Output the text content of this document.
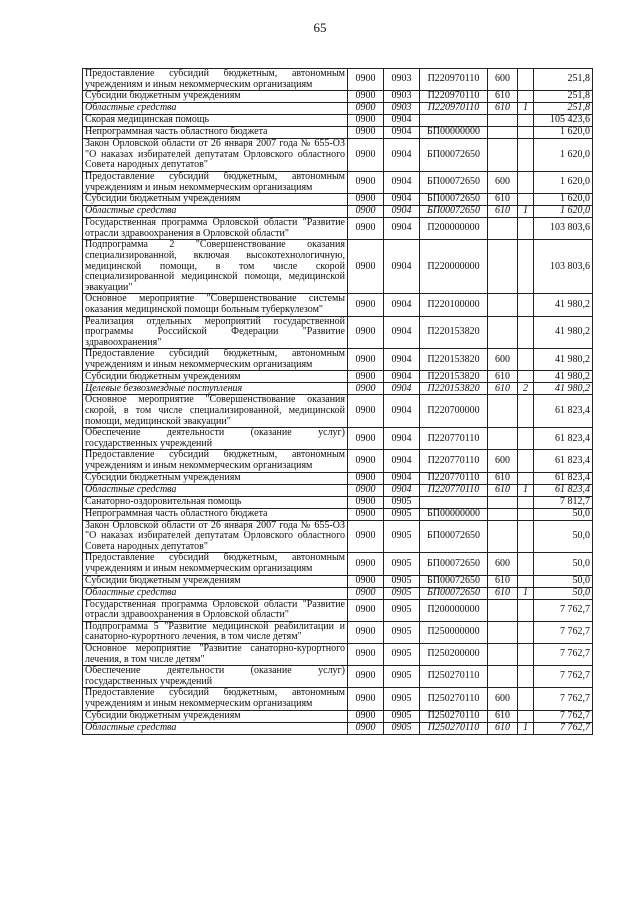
65
Предоставление субсидий бюджетным, автономным учреждениям и иным некоммерческим организациям	0900	0903	П220970110	600		251,8
Субсидии бюджетным учреждениям	0900	0903	П220970110	610		251,8
Областные средства	0900	0903	П220970110	610	1	251,8
Скорая медицинская помощь	0900	0904				105 423,6
Непрограммная часть областного бюджета	0900	0904	БП00000000			1 620,0
Закон Орловской области от 26 января 2007 года № 655-ОЗ "О наказах избирателей депутатам Орловского областного Совета народных депутатов"	0900	0904	БП00072650			1 620,0
Предоставление субсидий бюджетным, автономным учреждениям и иным некоммерческим организациям	0900	0904	БП00072650	600		1 620,0
Субсидии бюджетным учреждениям	0900	0904	БП00072650	610		1 620,0
Областные средства	0900	0904	БП00072650	610	1	1 620,0
Государственная программа Орловской области "Развитие отрасли здравоохранения в Орловской области"	0900	0904	П200000000			103 803,6
Подпрограмма 2 "Совершенствование оказания специализированной, включая высокотехнологичную, медицинской помощи, в том числе скорой специализированной медицинской помощи, медицинской эвакуации"	0900	0904	П220000000			103 803,6
Основное мероприятие "Совершенствование системы оказания медицинской помощи больным туберкулезом"	0900	0904	П220100000			41 980,2
Реализация отдельных мероприятий государственной программы Российской Федерации "Развитие здравоохранения"	0900	0904	П220153820			41 980,2
Предоставление субсидий бюджетным, автономным учреждениям и иным некоммерческим организациям	0900	0904	П220153820	600		41 980,2
Субсидии бюджетным учреждениям	0900	0904	П220153820	610		41 980,2
Целевые безвозмездные поступления	0900	0904	П220153820	610	2	41 980,2
Основное мероприятие "Совершенствование оказания скорой, в том числе специализированной, медицинской помощи, медицинской эвакуации"	0900	0904	П220700000			61 823,4
Обеспечение деятельности (оказание услуг) государственных учреждений	0900	0904	П220770110			61 823,4
Предоставление субсидий бюджетным, автономным учреждениям и иным некоммерческим организациям	0900	0904	П220770110	600		61 823,4
Субсидии бюджетным учреждениям	0900	0904	П220770110	610		61 823,4
Областные средства	0900	0904	П220770110	610	1	61 823,4
Санаторно-оздоровительная помощь	0900	0905				7 812,7
Непрограммная часть областного бюджета	0900	0905	БП00000000			50,0
Закон Орловской области от 26 января 2007 года № 655-ОЗ "О наказах избирателей депутатам Орловского областного Совета народных депутатов"	0900	0905	БП00072650			50,0
Предоставление субсидий бюджетным, автономным учреждениям и иным некоммерческим организациям	0900	0905	БП00072650	600		50,0
Субсидии бюджетным учреждениям	0900	0905	БП00072650	610		50,0
Областные средства	0900	0905	БП00072650	610	1	50,0
Государственная программа Орловской области "Развитие отрасли здравоохранения в Орловской области"	0900	0905	П200000000			7 762,7
Подпрограмма 5 "Развитие медицинской реабилитации и санаторно-курортного лечения, в том числе детям"	0900	0905	П250000000			7 762,7
Основное мероприятие "Развитие санаторно-курортного лечения, в том числе детям"	0900	0905	П250200000			7 762,7
Обеспечение деятельности (оказание услуг) государственных учреждений	0900	0905	П250270110			7 762,7
Предоставление субсидий бюджетным, автономным учреждениям и иным некоммерческим организациям	0900	0905	П250270110	600		7 762,7
Субсидии бюджетным учреждениям	0900	0905	П250270110	610		7 762,7
Областные средства	0900	0905	П250270110	610	1	7 762,7
